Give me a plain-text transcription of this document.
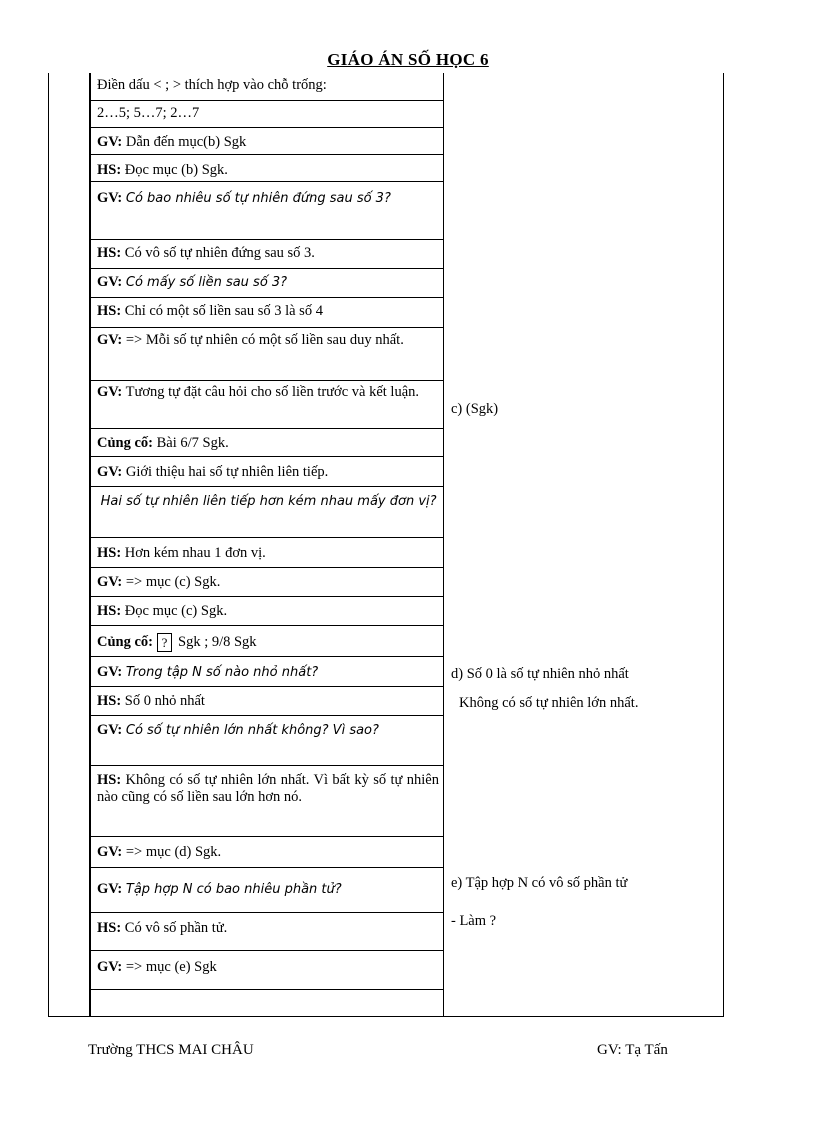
GIÁO ÁN SỐ HỌC 6
Điền dấu < ; > thích hợp vào chỗ trống:
2…5; 5…7; 2…7
GV: Dẫn đến mục(b) Sgk
HS: Đọc mục (b) Sgk.
GV: Có bao nhiêu số tự nhiên đứng sau số 3?
HS: Có vô số tự nhiên đứng sau số 3.
GV: Có mấy số liền sau số 3?
HS: Chỉ có một số liền sau số 3 là số 4
GV: => Mỗi số tự nhiên có một số liền sau duy nhất.
GV: Tương tự đặt câu hỏi cho số liền trước và kết luận.
Củng cố: Bài 6/7 Sgk.
GV: Giới thiệu hai số tự nhiên liên tiếp.
Hai số tự nhiên liên tiếp hơn kém nhau mấy đơn vị?
HS: Hơn kém nhau 1 đơn vị.
GV: => mục (c) Sgk.
HS: Đọc mục (c) Sgk.
Củng cố: ? Sgk ; 9/8 Sgk
GV: Trong tập N số nào nhỏ nhất?
HS: Số 0 nhỏ nhất
GV: Có số tự nhiên lớn nhất không? Vì sao?
HS: Không có số tự nhiên lớn nhất. Vì bất kỳ số tự nhiên nào cũng có số liền sau lớn hơn nó.
GV: => mục (d) Sgk.
GV: Tập hợp N có bao nhiêu phần tử?
HS: Có vô số phần tử.
GV: => mục (e) Sgk
c) (Sgk)
d) Số 0 là số tự nhiên nhỏ nhất
Không có số tự nhiên lớn nhất.
e) Tập hợp N có vô số phần tử
- Làm ?
Trường THCS MAI CHÂU	GV: Tạ Tấn
